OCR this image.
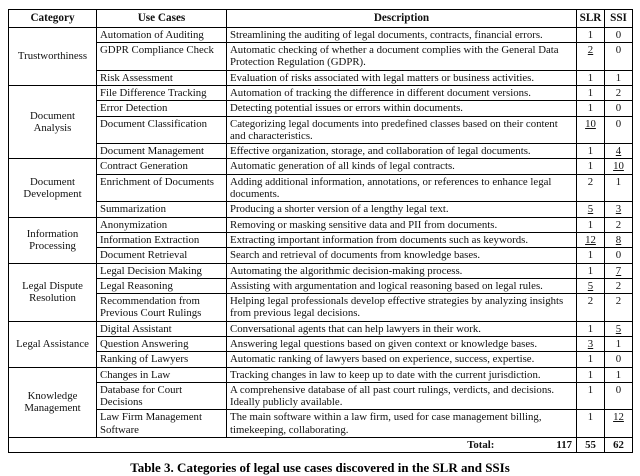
Category	Use Cases	Description	SLR	SSI
Trustworthiness	Automation of Auditing	Streamlining the auditing of legal documents, contracts, financial errors.	1	0
	GDPR Compliance Check	Automatic checking of whether a document complies with the General Data Protection Regulation (GDPR).	2	0
	Risk Assessment	Evaluation of risks associated with legal matters or business activities.	1	1
Document Analysis	File Difference Tracking	Automation of tracking the difference in different document versions.	1	2
	Error Detection	Detecting potential issues or errors within documents.	1	0
	Document Classification	Categorizing legal documents into predefined classes based on their content and characteristics.	10	0
	Document Management	Effective organization, storage, and collaboration of legal documents.	1	4
Document Development	Contract Generation	Automatic generation of all kinds of legal contracts.	1	10
	Enrichment of Documents	Adding additional information, annotations, or references to enhance legal documents.	2	1
	Summarization	Producing a shorter version of a lengthy legal text.	5	3
Information Processing	Anonymization	Removing or masking sensitive data and PII from documents.	1	2
	Information Extraction	Extracting important information from documents such as keywords.	12	8
	Document Retrieval	Search and retrieval of documents from knowledge bases.	1	0
Legal Dispute Resolution	Legal Decision Making	Automating the algorithmic decision-making process.	1	7
	Legal Reasoning	Assisting with argumentation and logical reasoning based on legal rules.	5	2
	Recommendation from Previous Court Rulings	Helping legal professionals develop effective strategies by analyzing insights from previous legal decisions.	2	2
Legal Assistance	Digital Assistant	Conversational agents that can help lawyers in their work.	1	5
	Question Answering	Answering legal questions based on given context or knowledge bases.	3	1
	Ranking of Lawyers	Automatic ranking of lawyers based on experience, success, expertise.	1	0
Knowledge Management	Changes in Law	Tracking changes in law to keep up to date with the current jurisdiction.	1	1
	Database for Court Decisions	A comprehensive database of all past court rulings, verdicts, and decisions. Ideally publicly available.	1	0
	Law Firm Management Software	The main software within a law firm, used for case management billing, timekeeping, collaborating.	1	12

Total: 117			55	62
Table 3. Categories of legal use cases discovered in the SLR and SSIs
